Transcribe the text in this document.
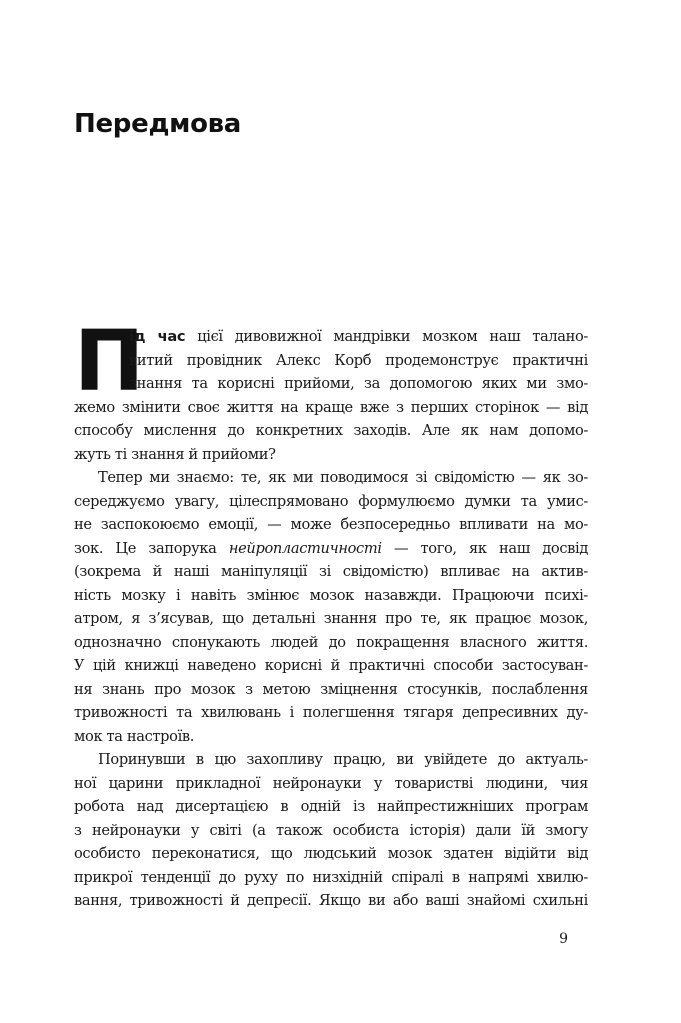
Передмова
П
ід час цієї дивовижної мандрівки мозком наш талано-
витий провідник Алекс Корб продемонструє практичні
знання та корисні прийоми, за допомогою яких ми змо-
жемо змінити своє життя на краще вже з перших сторінок — від
способу мислення до конкретних заходів. Але як нам допомо-
жуть ті знання й прийоми?
Тепер ми знаємо: те, як ми поводимося зі свідомістю — як зо-
середжуємо увагу, цілеспрямовано формулюємо думки та умис-
не заспокоюємо емоції, — може безпосередньо впливати на мо-
зок. Це запорука нейропластичності — того, як наш досвід
(зокрема й наші маніпуляції зі свідомістю) впливає на актив-
ність мозку і навіть змінює мозок назавжди. Працюючи психі-
атром, я з’ясував, що детальні знання про те, як працює мозок,
однозначно спонукають людей до покращення власного життя.
У цій книжці наведено корисні й практичні способи застосуван-
ня знань про мозок з метою зміцнення стосунків, послаблення
тривожності та хвилювань і полегшення тягаря депресивних ду-
мок та настроїв.
Поринувши в цю захопливу працю, ви увійдете до актуаль-
ної царини прикладної нейронауки у товаристві людини, чия
робота над дисертацією в одній із найпрестижніших програм
з нейронауки у світі (а також особиста історія) дали їй змогу
особисто переконатися, що людський мозок здатен відійти від
прикрої тенденції до руху по низхідній спіралі в напрямі хвилю-
вання, тривожності й депресії. Якщо ви або ваші знайомі схильні
9
